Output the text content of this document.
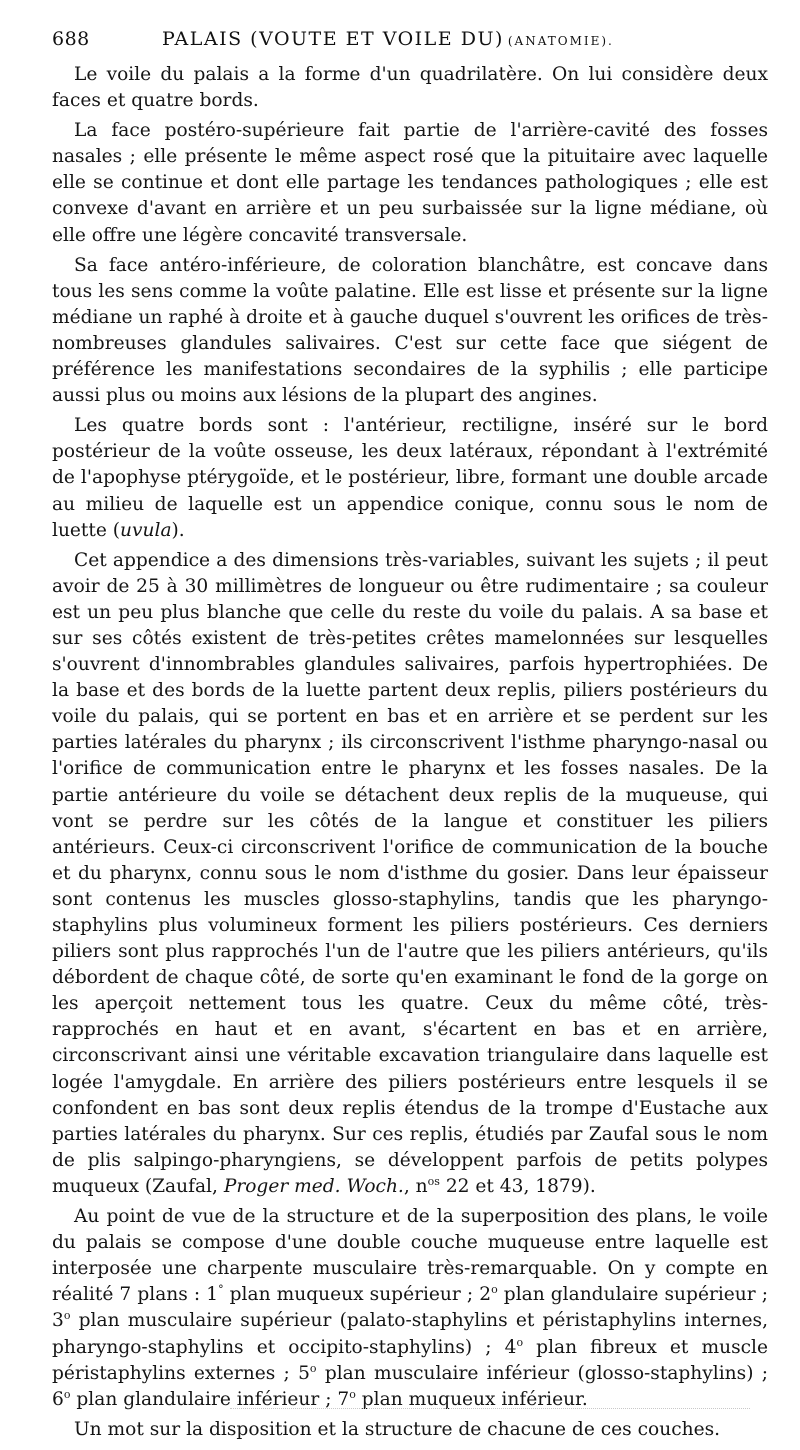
688	PALAIS (VOUTE ET VOILE DU) (ANATOMIE).

Le voile du palais a la forme d'un quadrilatère. On lui considère deux faces et quatre bords.

La face postéro-supérieure fait partie de l'arrière-cavité des fosses nasales ; elle présente le même aspect rosé que la pituitaire avec laquelle elle se continue et dont elle partage les tendances pathologiques ; elle est convexe d'avant en arrière et un peu surbaissée sur la ligne médiane, où elle offre une légère concavité transversale.

Sa face antéro-inférieure, de coloration blanchâtre, est concave dans tous les sens comme la voûte palatine. Elle est lisse et présente sur la ligne médiane un raphé à droite et à gauche duquel s'ouvrent les orifices de très-nombreuses glandules salivaires. C'est sur cette face que siégent de préférence les manifestations secondaires de la syphilis ; elle participe aussi plus ou moins aux lésions de la plupart des angines.

Les quatre bords sont : l'antérieur, rectiligne, inséré sur le bord postérieur de la voûte osseuse, les deux latéraux, répondant à l'extrémité de l'apophyse ptérygoïde, et le postérieur, libre, formant une double arcade au milieu de laquelle est un appendice conique, connu sous le nom de luette (uvula).

Cet appendice a des dimensions très-variables, suivant les sujets ; il peut avoir de 25 à 30 millimètres de longueur ou être rudimentaire ; sa couleur est un peu plus blanche que celle du reste du voile du palais. A sa base et sur ses côtés existent de très-petites crêtes mamelonnées sur lesquelles s'ouvrent d'innombrables glandules salivaires, parfois hypertrophiées. De la base et des bords de la luette partent deux replis, piliers postérieurs du voile du palais, qui se portent en bas et en arrière et se perdent sur les parties latérales du pharynx ; ils circonscrivent l'isthme pharyngo-nasal ou l'orifice de communication entre le pharynx et les fosses nasales. De la partie antérieure du voile se détachent deux replis de la muqueuse, qui vont se perdre sur les côtés de la langue et constituer les piliers antérieurs. Ceux-ci circonscrivent l'orifice de communication de la bouche et du pharynx, connu sous le nom d'isthme du gosier. Dans leur épaisseur sont contenus les muscles glosso-staphylins, tandis que les pharyngo-staphylins plus volumineux forment les piliers postérieurs. Ces derniers piliers sont plus rapprochés l'un de l'autre que les piliers antérieurs, qu'ils débordent de chaque côté, de sorte qu'en examinant le fond de la gorge on les aperçoit nettement tous les quatre. Ceux du même côté, très-rapprochés en haut et en avant, s'écartent en bas et en arrière, circonscrivant ainsi une véritable excavation triangulaire dans laquelle est logée l'amygdale. En arrière des piliers postérieurs entre lesquels il se confondent en bas sont deux replis étendus de la trompe d'Eustache aux parties latérales du pharynx. Sur ces replis, étudiés par Zaufal sous le nom de plis salpingo-pharyngiens, se développent parfois de petits polypes muqueux (Zaufal, Proger med. Woch., $n^{os}$ 22 et 43, 1879).

Au point de vue de la structure et de la superposition des plans, le voile du palais se compose d'une double couche muqueuse entre laquelle est interposée une charpente musculaire très-remarquable. On y compte en réalité 7 plans : 1° plan muqueux supérieur ; 2$^o$ plan glandulaire supérieur ; 3$^o$ plan musculaire supérieur (palato-staphylins et péristaphylins internes, pharyngo-staphylins et occipito-staphylins) ; 4$^o$ plan fibreux et muscle péristaphylins externes ; 5$^o$ plan musculaire inférieur (glosso-staphylins) ; 6$^o$ plan glandulaire inférieur ; 7$^o$ plan muqueux inférieur.

Un mot sur la disposition et la structure de chacune de ces couches.
